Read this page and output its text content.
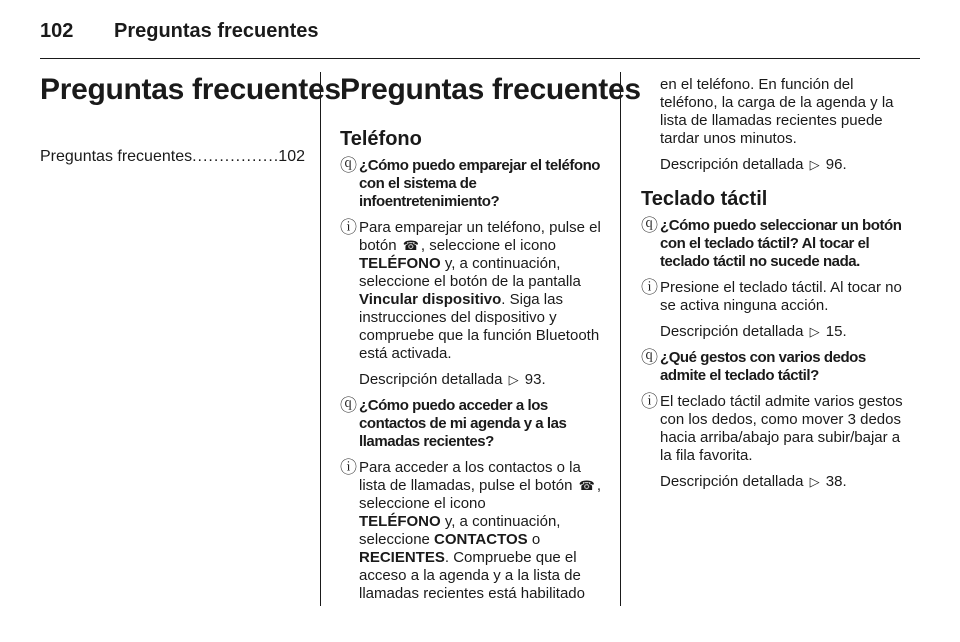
102	Preguntas frecuentes
Preguntas frecuentes
Preguntas frecuentes
.....	102
Preguntas frecuentes
Teléfono
ⓠ ¿Cómo puedo emparejar el teléfono con el sistema de infoentretenimiento?
ⓘ Para emparejar un teléfono, pulse el botón ☎ , seleccione el icono
TELÉFONO y, a continuación, seleccione el botón de la pantalla Vincular dispositivo. Siga las instrucciones del dispositivo y compruebe que la función Bluetooth está activada.

Descripción detallada ▷ 93.

ⓠ ¿Cómo puedo acceder a los contactos de mi agenda y a las llamadas recientes?
ⓘ Para acceder a los contactos o la lista de llamadas, pulse el botón ☎ , seleccione el icono
TELÉFONO y, a continuación, seleccione CONTACTOS o
RECIENTES. Compruebe que el acceso a la agenda y a la lista de llamadas recientes está habilitado

en el teléfono. En función del teléfono, la carga de la agenda y la lista de llamadas recientes puede tardar unos minutos.

Descripción detallada ▷ 96.

Teclado táctil
ⓠ ¿Cómo puedo seleccionar un botón con el teclado táctil? Al tocar el teclado táctil no sucede nada.
ⓘ Presione el teclado táctil. Al tocar no se activa ninguna acción.

Descripción detallada ▷ 15.

ⓠ ¿Qué gestos con varios dedos admite el teclado táctil?
ⓘ El teclado táctil admite varios gestos con los dedos, como mover 3 dedos hacia arriba/abajo para subir/bajar a la fila favorita.

Descripción detallada ▷ 38.
